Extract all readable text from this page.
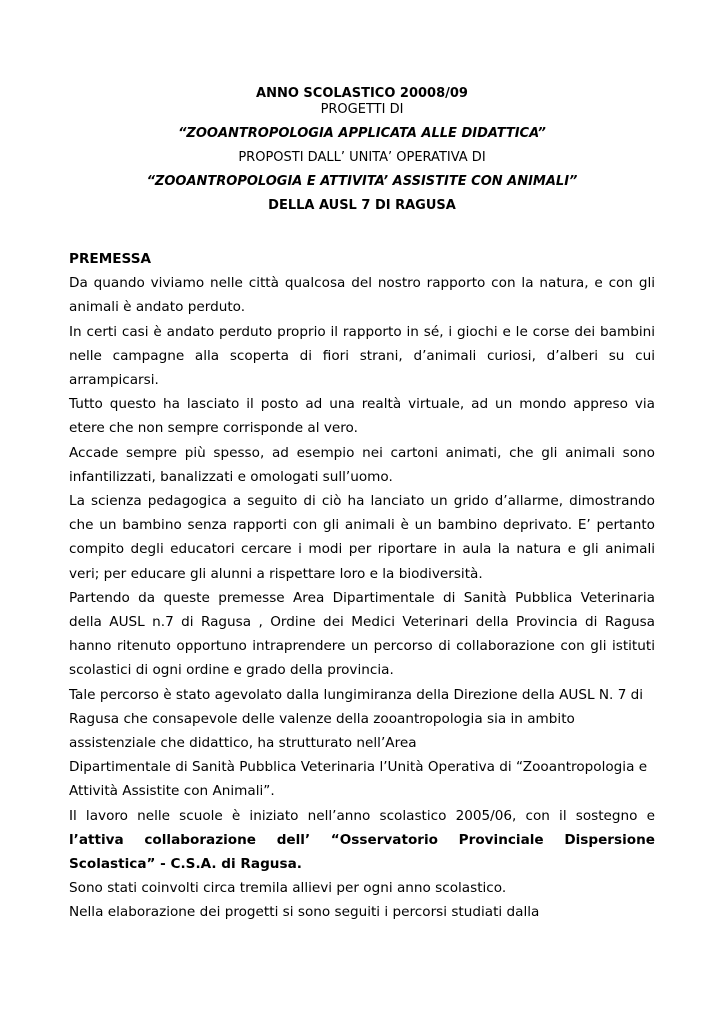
ANNO SCOLASTICO 20008/09
PROGETTI DI
“ZOOANTROPOLOGIA APPLICATA ALLE DIDATTICA”
PROPOSTI DALL’ UNITA’ OPERATIVA DI
“ZOOANTROPOLOGIA E ATTIVITA’ ASSISTITE CON ANIMALI”
DELLA AUSL 7 DI RAGUSA

PREMESSA

Da quando viviamo nelle città qualcosa del nostro rapporto con la natura, e con gli animali è andato perduto.

In certi casi è andato perduto proprio il rapporto in sé, i giochi e le corse dei bambini nelle campagne alla scoperta di fiori strani, d’animali curiosi, d’alberi su cui arrampicarsi.

Tutto questo ha lasciato il posto ad una realtà virtuale, ad un mondo appreso via etere che non sempre corrisponde al vero.

Accade sempre più spesso, ad esempio nei cartoni animati, che gli animali sono infantilizzati, banalizzati e omologati sull’uomo.

La scienza pedagogica a seguito di ciò ha lanciato un grido d’allarme, dimostrando che un bambino senza rapporti con gli animali è un bambino deprivato. E’ pertanto compito degli educatori cercare i modi per riportare in aula la natura e gli animali veri; per educare gli alunni a rispettare loro e la biodiversità.

Partendo da queste premesse Area Dipartimentale di Sanità Pubblica Veterinaria della AUSL n.7 di Ragusa , Ordine dei Medici Veterinari della Provincia di Ragusa hanno ritenuto opportuno intraprendere un percorso di collaborazione con gli istituti scolastici di ogni ordine e grado della provincia.

Tale percorso è stato agevolato dalla lungimiranza della Direzione della AUSL N. 7 di Ragusa che consapevole delle valenze della zooantropologia sia in ambito assistenziale che didattico, ha strutturato nell’Area

Dipartimentale di Sanità Pubblica Veterinaria l’Unità Operativa di “Zooantropologia e Attività Assistite con Animali”.

Il lavoro nelle scuole è iniziato nell’anno scolastico 2005/06, con il sostegno e l’attiva collaborazione dell’ “Osservatorio Provinciale Dispersione Scolastica” - C.S.A. di Ragusa.

Sono stati coinvolti circa tremila allievi per ogni anno scolastico.

Nella elaborazione dei progetti si sono seguiti i percorsi studiati dalla
